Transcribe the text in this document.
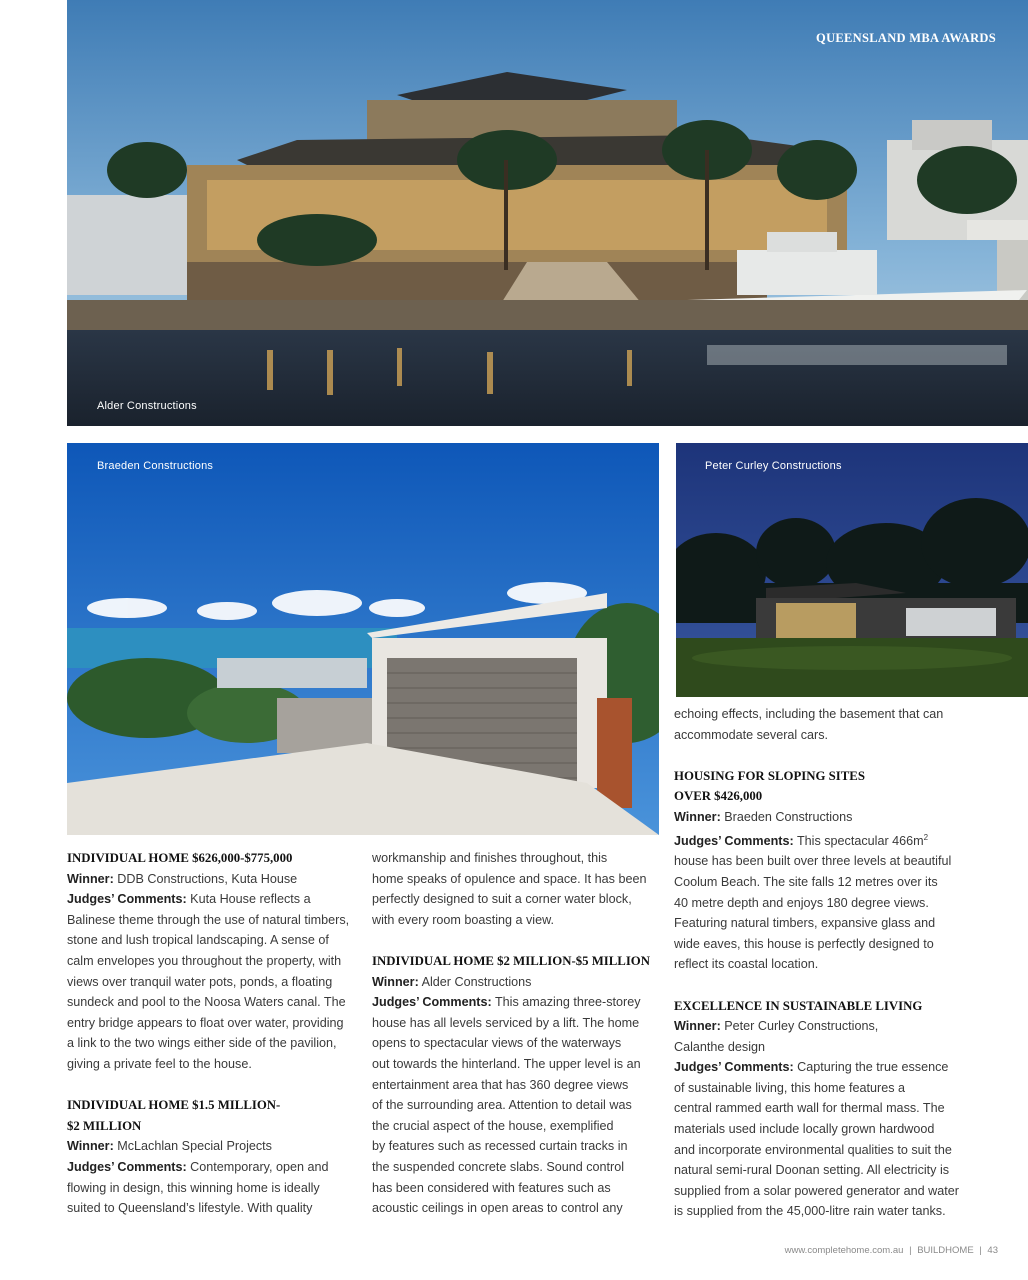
QUEENSLAND MBA AWARDS
Alder Constructions
Braeden Constructions	Peter Curley Constructions
INDIVIDUAL HOME $626,000-$775,000

Winner: DDB Constructions, Kuta House

Judges’ Comments: Kuta House reflects a

Balinese theme through the use of natural timbers,

stone and lush tropical landscaping. A sense of

calm envelopes you throughout the property, with

views over tranquil water pots, ponds, a floating

sundeck and pool to the Noosa Waters canal. The

entry bridge appears to float over water, providing

a link to the two wings either side of the pavilion,

giving a private feel to the house.

INDIVIDUAL HOME $1.5 MILLION-
$2 MILLION

Winner: McLachlan Special Projects

Judges’ Comments: Contemporary, open and

flowing in design, this winning home is ideally

suited to Queensland’s lifestyle. With quality

workmanship and finishes throughout, this

home speaks of opulence and space. It has been

perfectly designed to suit a corner water block,

with every room boasting a view.

INDIVIDUAL HOME $2 MILLION-$5 MILLION

Winner: Alder Constructions

Judges’ Comments: This amazing three-storey

house has all levels serviced by a lift. The home

opens to spectacular views of the waterways

out towards the hinterland. The upper level is an

entertainment area that has 360 degree views

of the surrounding area. Attention to detail was

the crucial aspect of the house, exemplified

by features such as recessed curtain tracks in

the suspended concrete slabs. Sound control

has been considered with features such as

acoustic ceilings in open areas to control any

echoing effects, including the basement that can

accommodate several cars.

HOUSING FOR SLOPING SITES
OVER $426,000

Winner: Braeden Constructions

Judges’ Comments: This spectacular $466m^2$

house has been built over three levels at beautiful

Coolum Beach. The site falls 12 metres over its

40 metre depth and enjoys 180 degree views.

Featuring natural timbers, expansive glass and

wide eaves, this house is perfectly designed to

reflect its coastal location.

EXCELLENCE IN SUSTAINABLE LIVING

Winner: Peter Curley Constructions,

Calanthe design

Judges’ Comments: Capturing the true essence

of sustainable living, this home features a

central rammed earth wall for thermal mass. The

materials used include locally grown hardwood

and incorporate environmental qualities to suit the

natural semi-rural Doonan setting. All electricity is

supplied from a solar powered generator and water

is supplied from the 45,000-litre rain water tanks.

www.completehome.com.au | BUILDHOME | 43
